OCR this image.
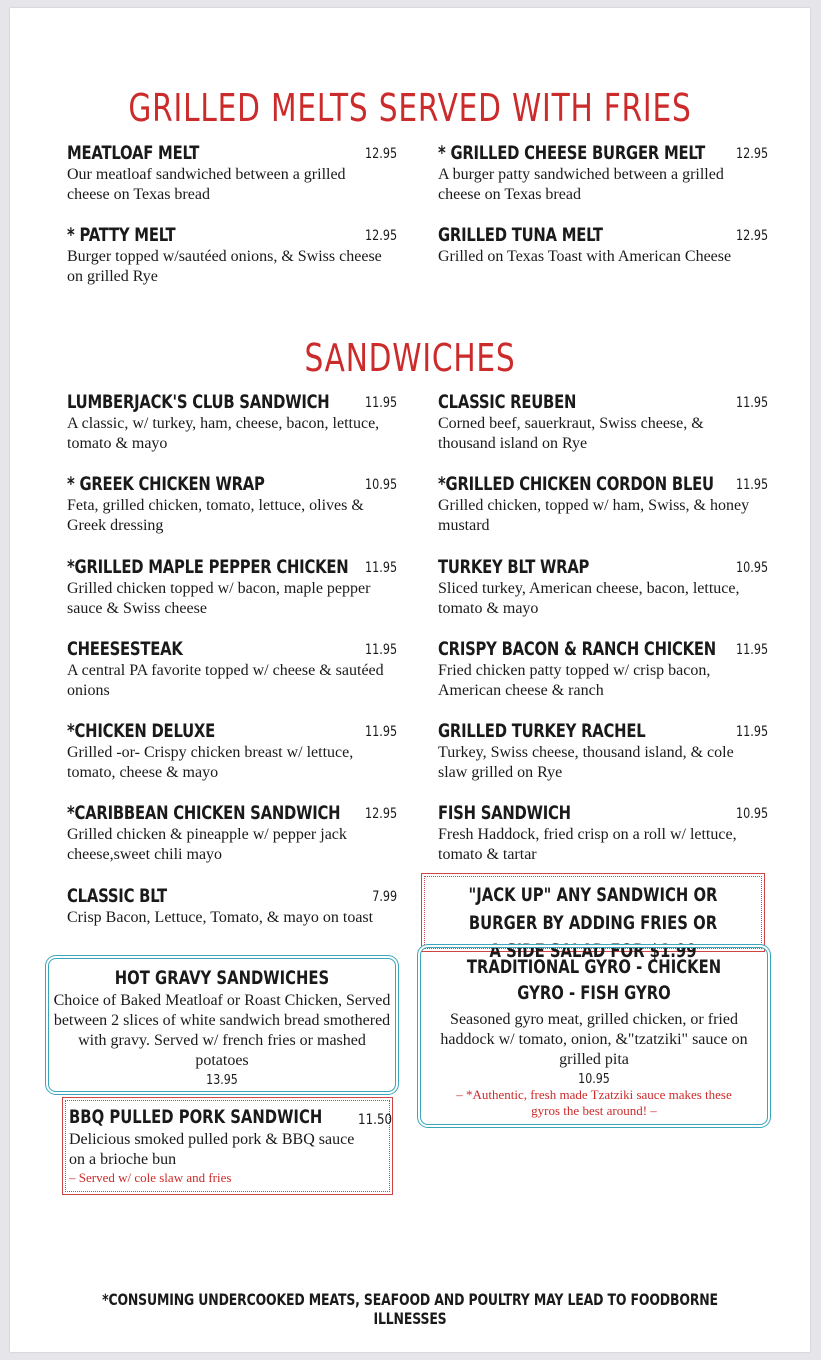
GRILLED MELTS SERVED WITH FRIES
MEATLOAF MELT	12.95
Our meatloaf sandwiched between a grilled cheese on Texas bread
* GRILLED CHEESE BURGER MELT 12.95
A burger patty sandwiched between a grilled cheese on Texas bread
* PATTY MELT	12.95
Burger topped w/sautéed onions, & Swiss cheese on grilled Rye
GRILLED TUNA MELT	12.95
Grilled on Texas Toast with American Cheese
SANDWICHES
LUMBERJACK'S CLUB SANDWICH	11.95
A classic, w/ turkey, ham, cheese, bacon, lettuce, tomato & mayo
CLASSIC REUBEN	11.95
Corned beef, sauerkraut, Swiss cheese, & thousand island on Rye
* GREEK CHICKEN WRAP	10.95
Feta, grilled chicken, tomato, lettuce, olives & Greek dressing
*GRILLED CHICKEN CORDON BLEU 11.95
Grilled chicken, topped w/ ham, Swiss, & honey mustard
*GRILLED MAPLE PEPPER CHICKEN 11.95
Grilled chicken topped w/ bacon, maple pepper sauce & Swiss cheese
TURKEY BLT WRAP	10.95
Sliced turkey, American cheese, bacon, lettuce, tomato & mayo
CHEESESTEAK	11.95
A central PA favorite topped w/ cheese & sautéed onions
CRISPY BACON & RANCH CHICKEN 11.95
Fried chicken patty topped w/ crisp bacon, American cheese & ranch
*CHICKEN DELUXE	11.95
Grilled -or- Crispy chicken breast w/ lettuce, tomato, cheese & mayo
GRILLED TURKEY RACHEL	11.95
Turkey, Swiss cheese, thousand island, & cole slaw grilled on Rye
*CARIBBEAN CHICKEN SANDWICH 12.95
Grilled chicken & pineapple w/ pepper jack cheese,sweet chili mayo
FISH SANDWICH	10.95
Fresh Haddock, fried crisp on a roll w/ lettuce, tomato & tartar
CLASSIC BLT	7.99
Crisp Bacon, Lettuce, Tomato, & mayo on toast
"JACK UP" ANY SANDWICH OR BURGER BY ADDING FRIES OR A SIDE SALAD FOR $1.99
HOT GRAVY SANDWICHES
Choice of Baked Meatloaf or Roast Chicken, Served between 2 slices of white sandwich bread smothered with gravy. Served w/ french fries or mashed potatoes
13.95
TRADITIONAL GYRO - CHICKEN GYRO - FISH GYRO
Seasoned gyro meat, grilled chicken, or fried haddock w/ tomato, onion, &"tzatziki" sauce on grilled pita
10.95
– *Authentic, fresh made Tzatziki sauce makes these gyros the best around! –
BBQ PULLED PORK SANDWICH	11.50
Delicious smoked pulled pork & BBQ sauce on a brioche bun
– Served w/ cole slaw and fries
*CONSUMING UNDERCOOKED MEATS, SEAFOOD AND POULTRY MAY LEAD TO FOODBORNE ILLNESSES
